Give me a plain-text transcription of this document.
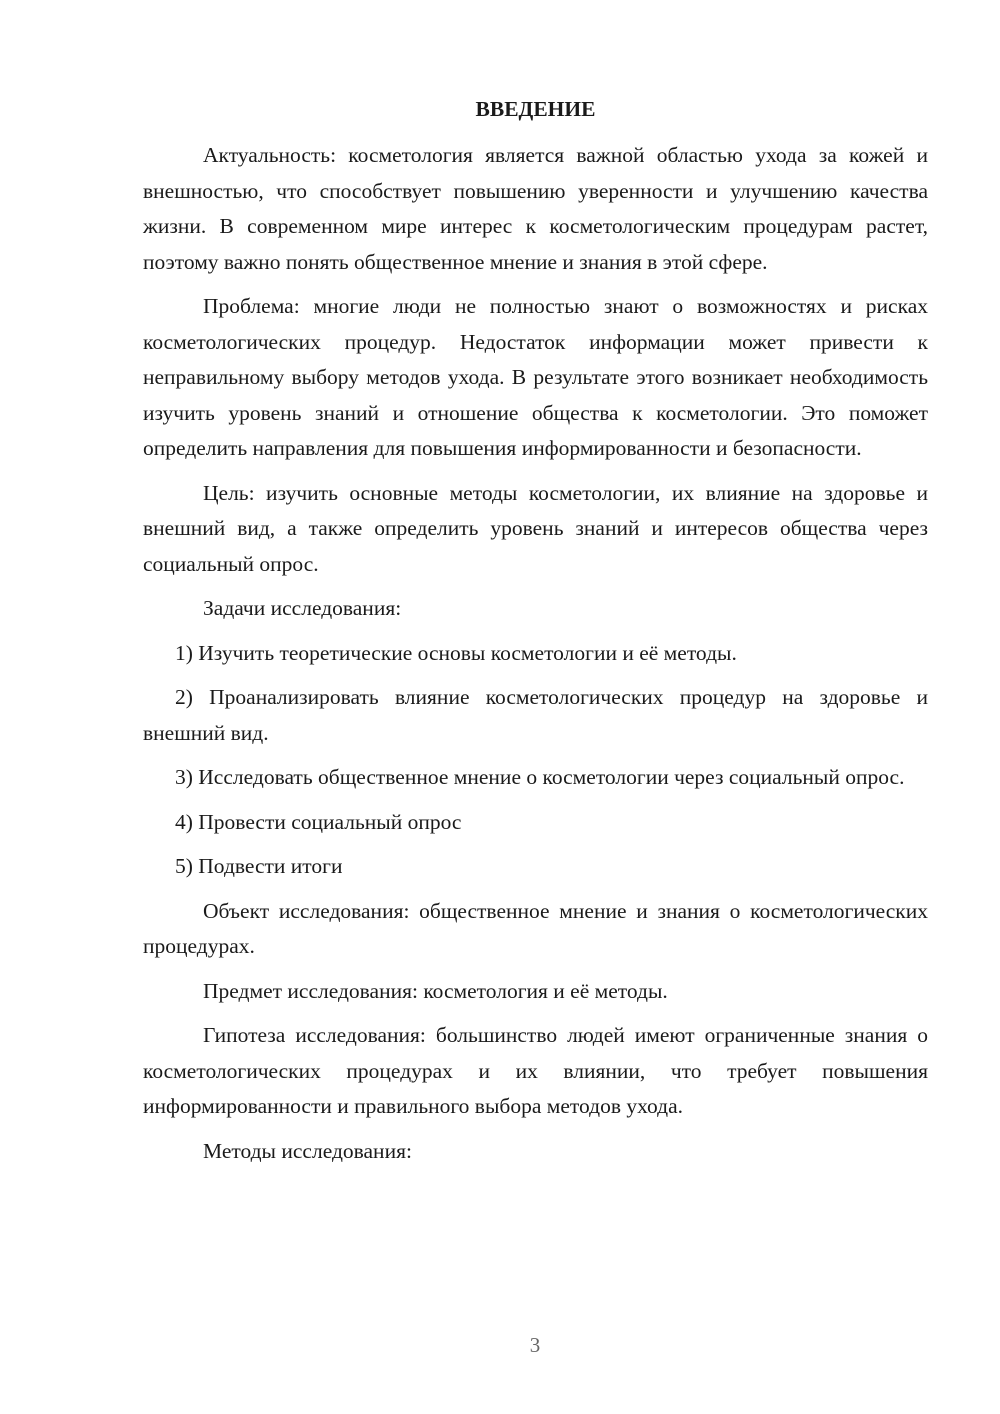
ВВЕДЕНИЕ

Актуальность: косметология является важной областью ухода за кожей и внешностью, что способствует повышению уверенности и улучшению качества жизни. В современном мире интерес к косметологическим процедурам растет, поэтому важно понять общественное мнение и знания в этой сфере.

Проблема: многие люди не полностью знают о возможностях и рисках косметологических процедур. Недостаток информации может привести к неправильному выбору методов ухода. В результате этого возникает необходимость изучить уровень знаний и отношение общества к косметологии. Это поможет определить направления для повышения информированности и безопасности.

Цель: изучить основные методы косметологии, их влияние на здоровье и внешний вид, а также определить уровень знаний и интересов общества через социальный опрос.

Задачи исследования:

1) Изучить теоретические основы косметологии и её методы.

2) Проанализировать влияние косметологических процедур на здоровье и внешний вид.

3) Исследовать общественное мнение о косметологии через социальный опрос.

4) Провести социальный опрос

5) Подвести итоги

Объект исследования: общественное мнение и знания о косметологических процедурах.

Предмет исследования: косметология и её методы.

Гипотеза исследования: большинство людей имеют ограниченные знания о косметологических процедурах и их влиянии, что требует повышения информированности и правильного выбора методов ухода.

Методы исследования:

3
